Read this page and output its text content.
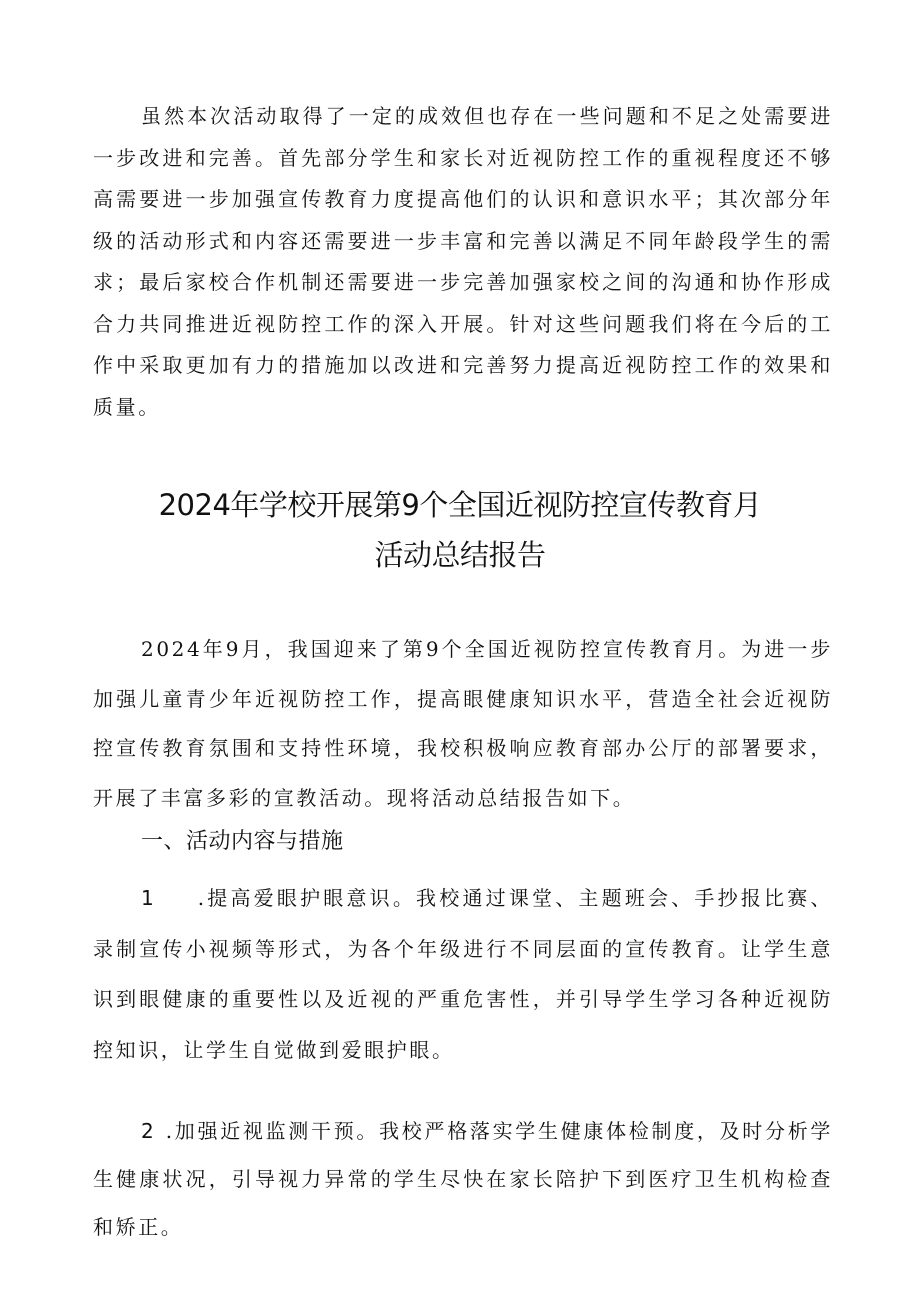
虽然本次活动取得了一定的成效但也存在一些问题和不足之处需要进一步改进和完善。首先部分学生和家长对近视防控工作的重视程度还不够高需要进一步加强宣传教育力度提高他们的认识和意识水平；其次部分年级的活动形式和内容还需要进一步丰富和完善以满足不同年龄段学生的需求；最后家校合作机制还需要进一步完善加强家校之间的沟通和协作形成合力共同推进近视防控工作的深入开展。针对这些问题我们将在今后的工作中采取更加有力的措施加以改进和完善努力提高近视防控工作的效果和质量。

2024年学校开展第9个全国近视防控宣传教育月
活动总结报告

2024年9月，我国迎来了第9个全国近视防控宣传教育月。为进一步加强儿童青少年近视防控工作，提高眼健康知识水平，营造全社会近视防控宣传教育氛围和支持性环境，我校积极响应教育部办公厅的部署要求，开展了丰富多彩的宣教活动。现将活动总结报告如下。

一、活动内容与措施

1 .提高爱眼护眼意识。我校通过课堂、主题班会、手抄报比赛、录制宣传小视频等形式，为各个年级进行不同层面的宣传教育。让学生意识到眼健康的重要性以及近视的严重危害性，并引导学生学习各种近视防控知识，让学生自觉做到爱眼护眼。

2 .加强近视监测干预。我校严格落实学生健康体检制度，及时分析学生健康状况，引导视力异常的学生尽快在家长陪护下到医疗卫生机构检查和矫正。
